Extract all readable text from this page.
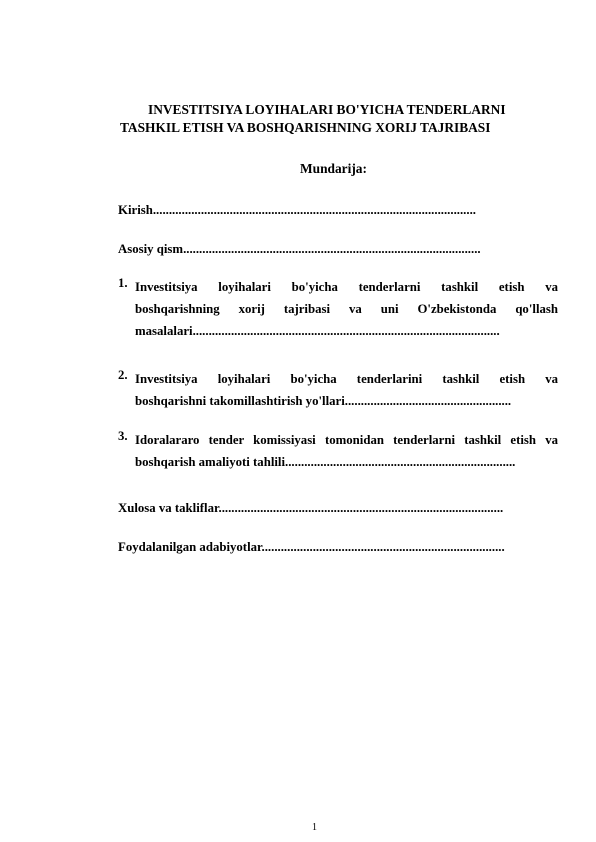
INVESTITSIYA LOYIHALARI BO'YICHA TENDERLARNI
TASHKIL ETISH VA BOSHQARISHNING XORIJ TAJRIBASI
Mundarija:
Kirish.....................................................................................................
Asosiy qism.............................................................................................
1. Investitsiya loyihalari bo'yicha tenderlarni tashkil etish va
boshqarishning xorij tajribasi va uni O'zbekistonda qo'llash
masalalari................................................................................................
2. Investitsiya loyihalari bo'yicha tenderlarini tashkil etish va
boshqarishni takomillashtirish yo'llari....................................................
3. Idoralararo tender komissiyasi tomonidan tenderlarni tashkil etish va
boshqarish amaliyoti tahlili........................................................................
Xulosa va takliflar.........................................................................................
Foydalanilgan adabiyotlar............................................................................
1
